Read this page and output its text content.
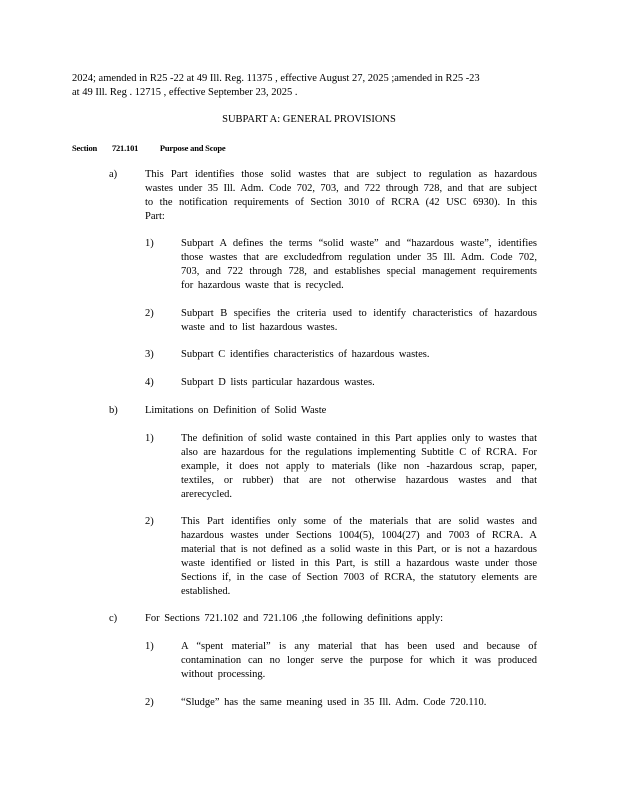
2024; amended in R25 -22 at 49 Ill. Reg. 11375 , effective August 27, 2025 ;amended in R25 -23
at 49 Ill. Reg . 12715 , effective September 23, 2025 .
SUBPART A: GENERAL PROVISIONS
Section 721.101	Purpose and Scope
a)	This Part identifies those solid wastes that are subject to regulation as hazardous wastes under 35 Ill. Adm. Code 702, 703, and 722 through 728, and that are subject to the notification requirements of Section 3010 of RCRA (42 USC 6930). In this Part:
1)	Subpart A defines the terms “solid waste” and “hazardous waste”, identifies those wastes that are excludedfrom regulation under 35 Ill. Adm. Code 702, 703, and 722 through 728, and establishes special management requirements for hazardous waste that is recycled.
2)	Subpart B specifies the criteria used to identify characteristics of hazardous waste and to list hazardous wastes.
3)	Subpart C identifies characteristics of hazardous wastes.
4)	Subpart D lists particular hazardous wastes.
b)	Limitations on Definition of Solid Waste
1)	The definition of solid waste contained in this Part applies only to wastes that also are hazardous for the regulations implementing Subtitle C of RCRA. For example, it does not apply to materials (like non -hazardous scrap, paper, textiles, or rubber) that are not otherwise hazardous wastes and that arerecycled.
2)	This Part identifies only some of the materials that are solid wastes and hazardous wastes under Sections 1004(5), 1004(27) and 7003 of RCRA. A material that is not defined as a solid waste in this Part, or is not a hazardous waste identified or listed in this Part, is still a hazardous waste under those Sections if, in the case of Section 7003 of RCRA, the statutory elements are established.
c)	For Sections 721.102 and 721.106 ,the following definitions apply:
1)	A “spent material” is any material that has been used and because of contamination can no longer serve the purpose for which it was produced without processing.
2)	“Sludge” has the same meaning used in 35 Ill. Adm. Code 720.110.
